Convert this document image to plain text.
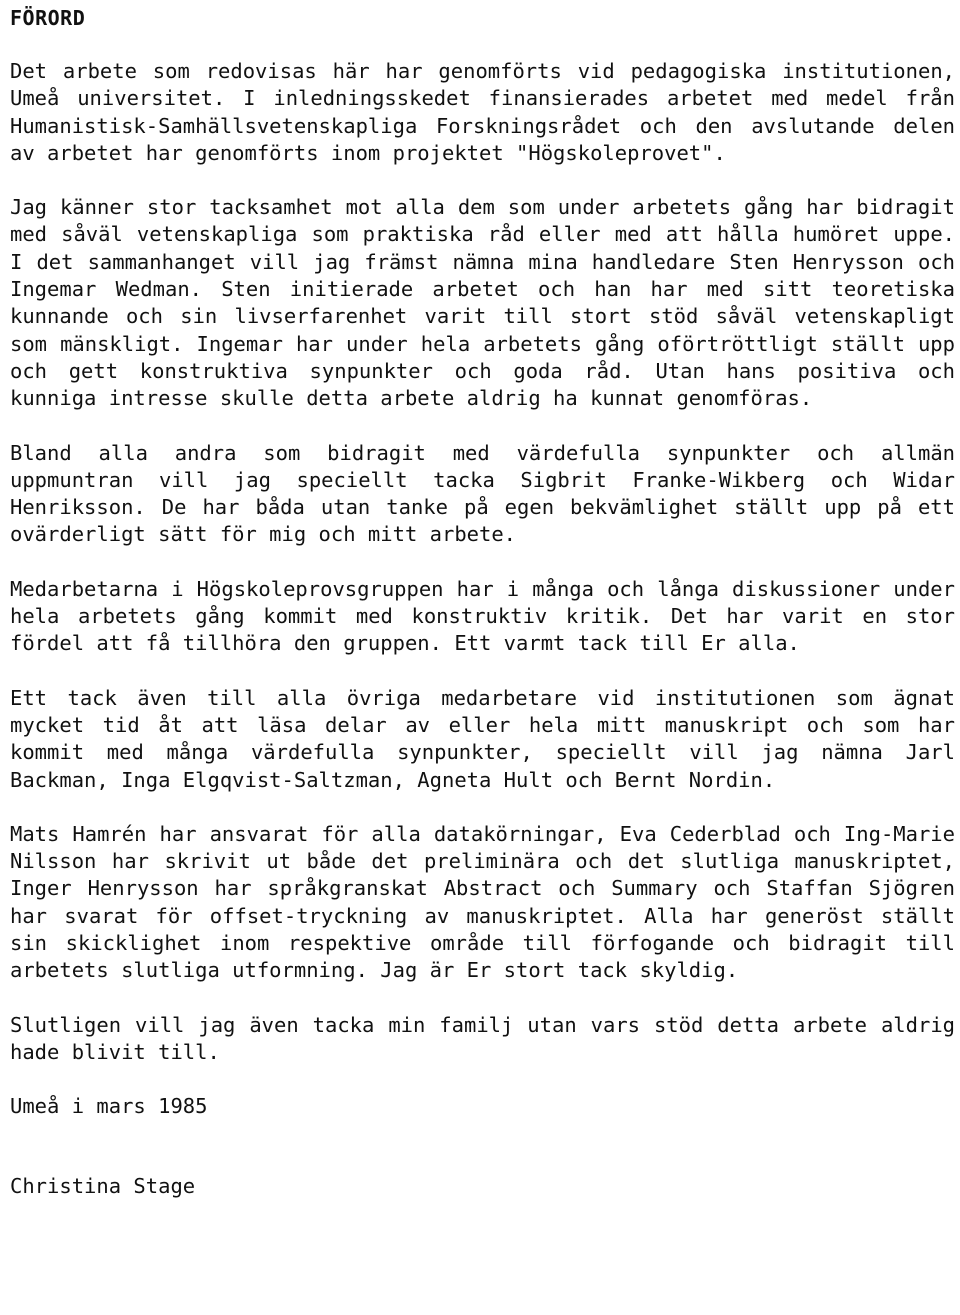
FÖRORD

Det arbete som redovisas här har genomförts vid pedagogiska institutionen, Umeå universitet. I inledningsskedet finansierades arbetet med medel från Humanistisk-Samhällsvetenskapliga Forskningsrådet och den avslutande delen av arbetet har genomförts inom projektet "Högskoleprovet".

Jag känner stor tacksamhet mot alla dem som under arbetets gång har bidragit med såväl vetenskapliga som praktiska råd eller med att hålla humöret uppe. I det sammanhanget vill jag främst nämna mina handledare Sten Henrysson och Ingemar Wedman. Sten initierade arbetet och han har med sitt teoretiska kunnande och sin livserfarenhet varit till stort stöd såväl vetenskapligt som mänskligt. Ingemar har under hela arbetets gång oförtröttligt ställt upp och gett konstruktiva synpunkter och goda råd. Utan hans positiva och kunniga intresse skulle detta arbete aldrig ha kunnat genomföras.

Bland alla andra som bidragit med värdefulla synpunkter och allmän uppmuntran vill jag speciellt tacka Sigbrit Franke-Wikberg och Widar Henriksson. De har båda utan tanke på egen bekvämlighet ställt upp på ett ovärderligt sätt för mig och mitt arbete.

Medarbetarna i Högskoleprovsgruppen har i många och långa diskussioner under hela arbetets gång kommit med konstruktiv kritik. Det har varit en stor fördel att få tillhöra den gruppen. Ett varmt tack till Er alla.

Ett tack även till alla övriga medarbetare vid institutionen som ägnat mycket tid åt att läsa delar av eller hela mitt manuskript och som har kommit med många värdefulla synpunkter, speciellt vill jag nämna Jarl Backman, Inga Elgqvist-Saltzman, Agneta Hult och Bernt Nordin.

Mats Hamrén har ansvarat för alla datakörningar, Eva Cederblad och Ing-Marie Nilsson har skrivit ut både det preliminära och det slutliga manuskriptet, Inger Henrysson har språkgranskat Abstract och Summary och Staffan Sjögren har svarat för offset-tryckning av manuskriptet. Alla har generöst ställt sin skicklighet inom respektive område till förfogande och bidragit till arbetets slutliga utformning. Jag är Er stort tack skyldig.

Slutligen vill jag även tacka min familj utan vars stöd detta arbete aldrig hade blivit till.

Umeå i mars 1985
Christina Stage
